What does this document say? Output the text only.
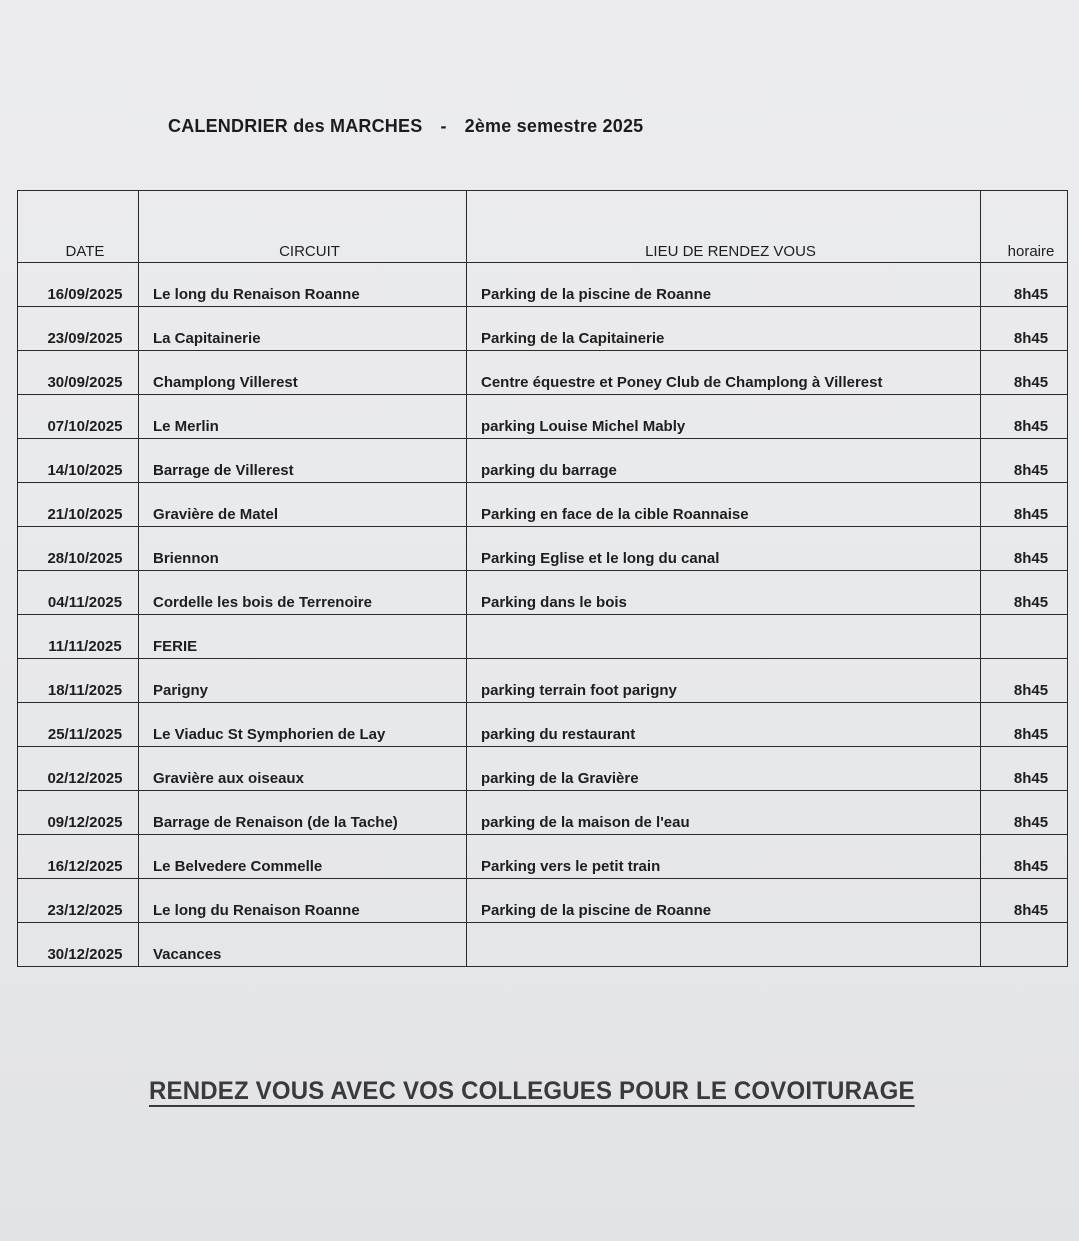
CALENDRIER des MARCHES - 2ème semestre 2025
DATE	CIRCUIT	LIEU DE RENDEZ VOUS	horaire
16/09/2025	Le long du Renaison Roanne	Parking de la piscine de Roanne	8h45
23/09/2025	La Capitainerie	Parking de la Capitainerie	8h45
30/09/2025	Champlong Villerest	Centre équestre et Poney Club de Champlong à Villerest	8h45
07/10/2025	Le Merlin	parking Louise Michel Mably	8h45
14/10/2025	Barrage de Villerest	parking du barrage	8h45
21/10/2025	Gravière de Matel	Parking en face de la cible Roannaise	8h45
28/10/2025	Briennon	Parking Eglise et le long du canal	8h45
04/11/2025	Cordelle les bois de Terrenoire	Parking dans le bois	8h45
11/11/2025	FERIE		
18/11/2025	Parigny	parking terrain foot parigny	8h45
25/11/2025	Le Viaduc St Symphorien de Lay	parking du restaurant	8h45
02/12/2025	Gravière aux oiseaux	parking de la Gravière	8h45
09/12/2025	Barrage de Renaison (de la Tache)	parking de la maison de l'eau	8h45
16/12/2025	Le Belvedere Commelle	Parking vers le petit train	8h45
23/12/2025	Le long du Renaison Roanne	Parking de la piscine de Roanne	8h45
30/12/2025	Vacances		
RENDEZ VOUS AVEC VOS COLLEGUES POUR LE COVOITURAGE
